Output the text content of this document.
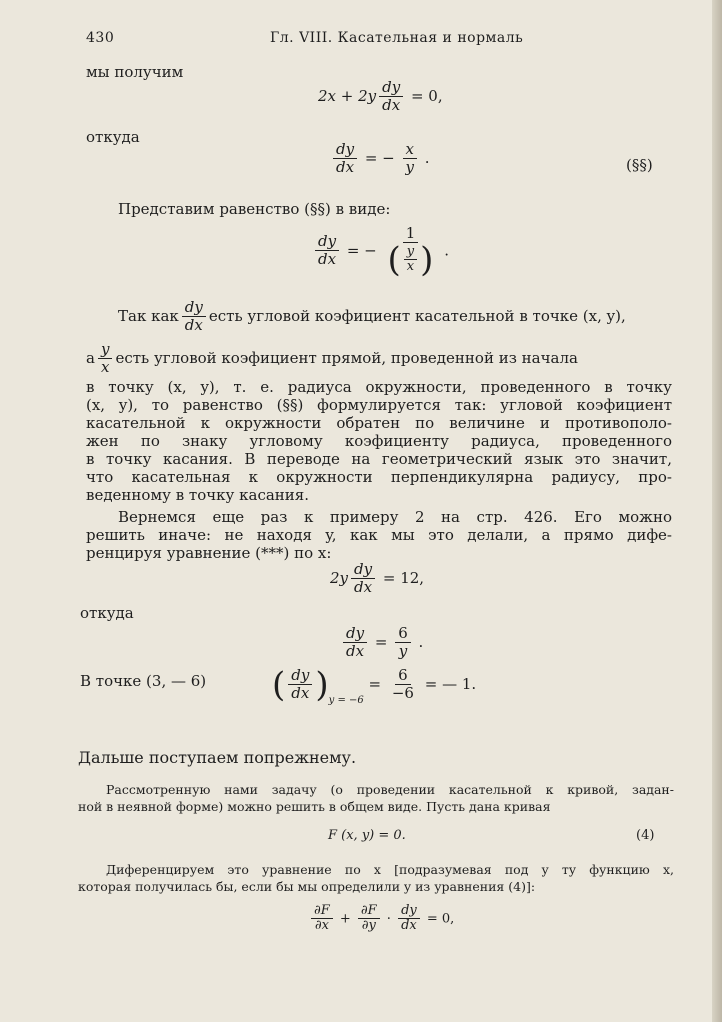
430	Гл. VIII. Касательная и нормаль
мы получим
$2x + 2y \frac{dy}{dx} = 0$,
откуда
$\frac{dy}{dx}$ = − $\frac{x}{y}$ .	(§§)
Представим равенство (§§) в виде:
$\frac{dy}{dx}$ = − $\frac{1}{( \frac{y}{x} )}$ .
Так как $\frac{dy}{dx}$ есть угловой коэфициент касательной в точке (x, y),
а $\frac{y}{x}$ есть угловой коэфициент прямой, проведенной из начала
в точку (x, y), т. е. радиуса окружности, проведенного в точку
(x, y), то равенство (§§) формулируется так: угловой коэфициент
касательной к окружности обратен по величине и противополо-
жен по знаку угловому коэфициенту радиуса, проведенного
в точку касания. В переводе на геометрический язык это значит,
что касательная к окружности перпендикулярна радиусу, про-
веденному в точку касания.
Вернемся еще раз к примеру 2 на стр. 426. Его можно
решить иначе: не находя y, как мы это делали, а прямо дифе-
ренцируя уравнение (***) по x:
$2y \frac{dy}{dx} = 12$,
откуда
$\frac{dy}{dx} = \frac{6}{y}$ .
В точке (3, — 6) ( $\frac{dy}{dx} )_{y = -6} = \frac{6}{-6}$ = — 1.
Дальше поступаем попрежнему.
Рассмотренную нами задачу (о проведении касательной к кривой, задан-
ной в неявной форме) можно решить в общем виде. Пусть дана кривая
F (x, y) = 0.	(4)
Диференцируем это уравнение по x [подразумевая под y ту функцию x,
которая получилась бы, если бы мы определили y из уравнения (4)]:
$\frac{\partial F}{\partial x} + \frac{\partial F}{\partial y} \cdot \frac{dy}{dx} = 0$,
